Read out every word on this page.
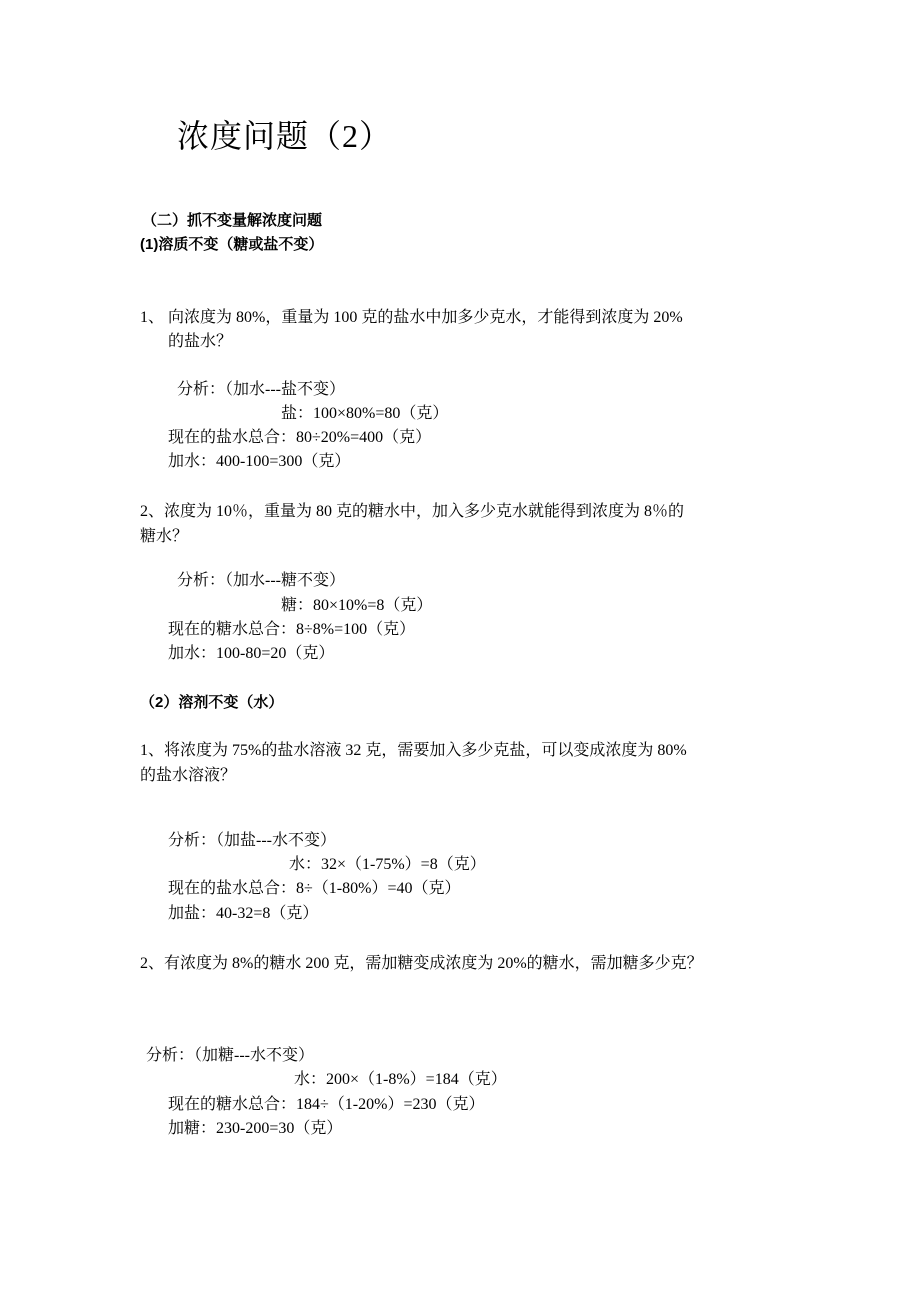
浓度问题（2）
（二）抓不变量解浓度问题
(1)溶质不变（糖或盐不变）
1、 向浓度为 80%，重量为 100 克的盐水中加多少克水，才能得到浓度为 20%
的盐水？
分析：（加水---盐不变）
盐：100×80%=80（克）
现在的盐水总合：80÷20%=400（克）
加水：400-100=300（克）
2、浓度为 10％，重量为 80 克的糖水中，加入多少克水就能得到浓度为 8％的
糖水？
分析：（加水---糖不变）
糖：80×10%=8（克）
现在的糖水总合：8÷8%=100（克）
加水：100-80=20（克）
（2）溶剂不变（水）
1、将浓度为 75%的盐水溶液 32 克，需要加入多少克盐，可以变成浓度为 80%
的盐水溶液？
分析：（加盐---水不变）
水：32×（1-75%）=8（克）
现在的盐水总合：8÷（1-80%）=40（克）
加盐：40-32=8（克）
2、有浓度为 8%的糖水 200 克，需加糖变成浓度为 20%的糖水，需加糖多少克？
分析：（加糖---水不变）
水：200×（1-8%）=184（克）
现在的糖水总合：184÷（1-20%）=230（克）
加糖：230-200=30（克）
